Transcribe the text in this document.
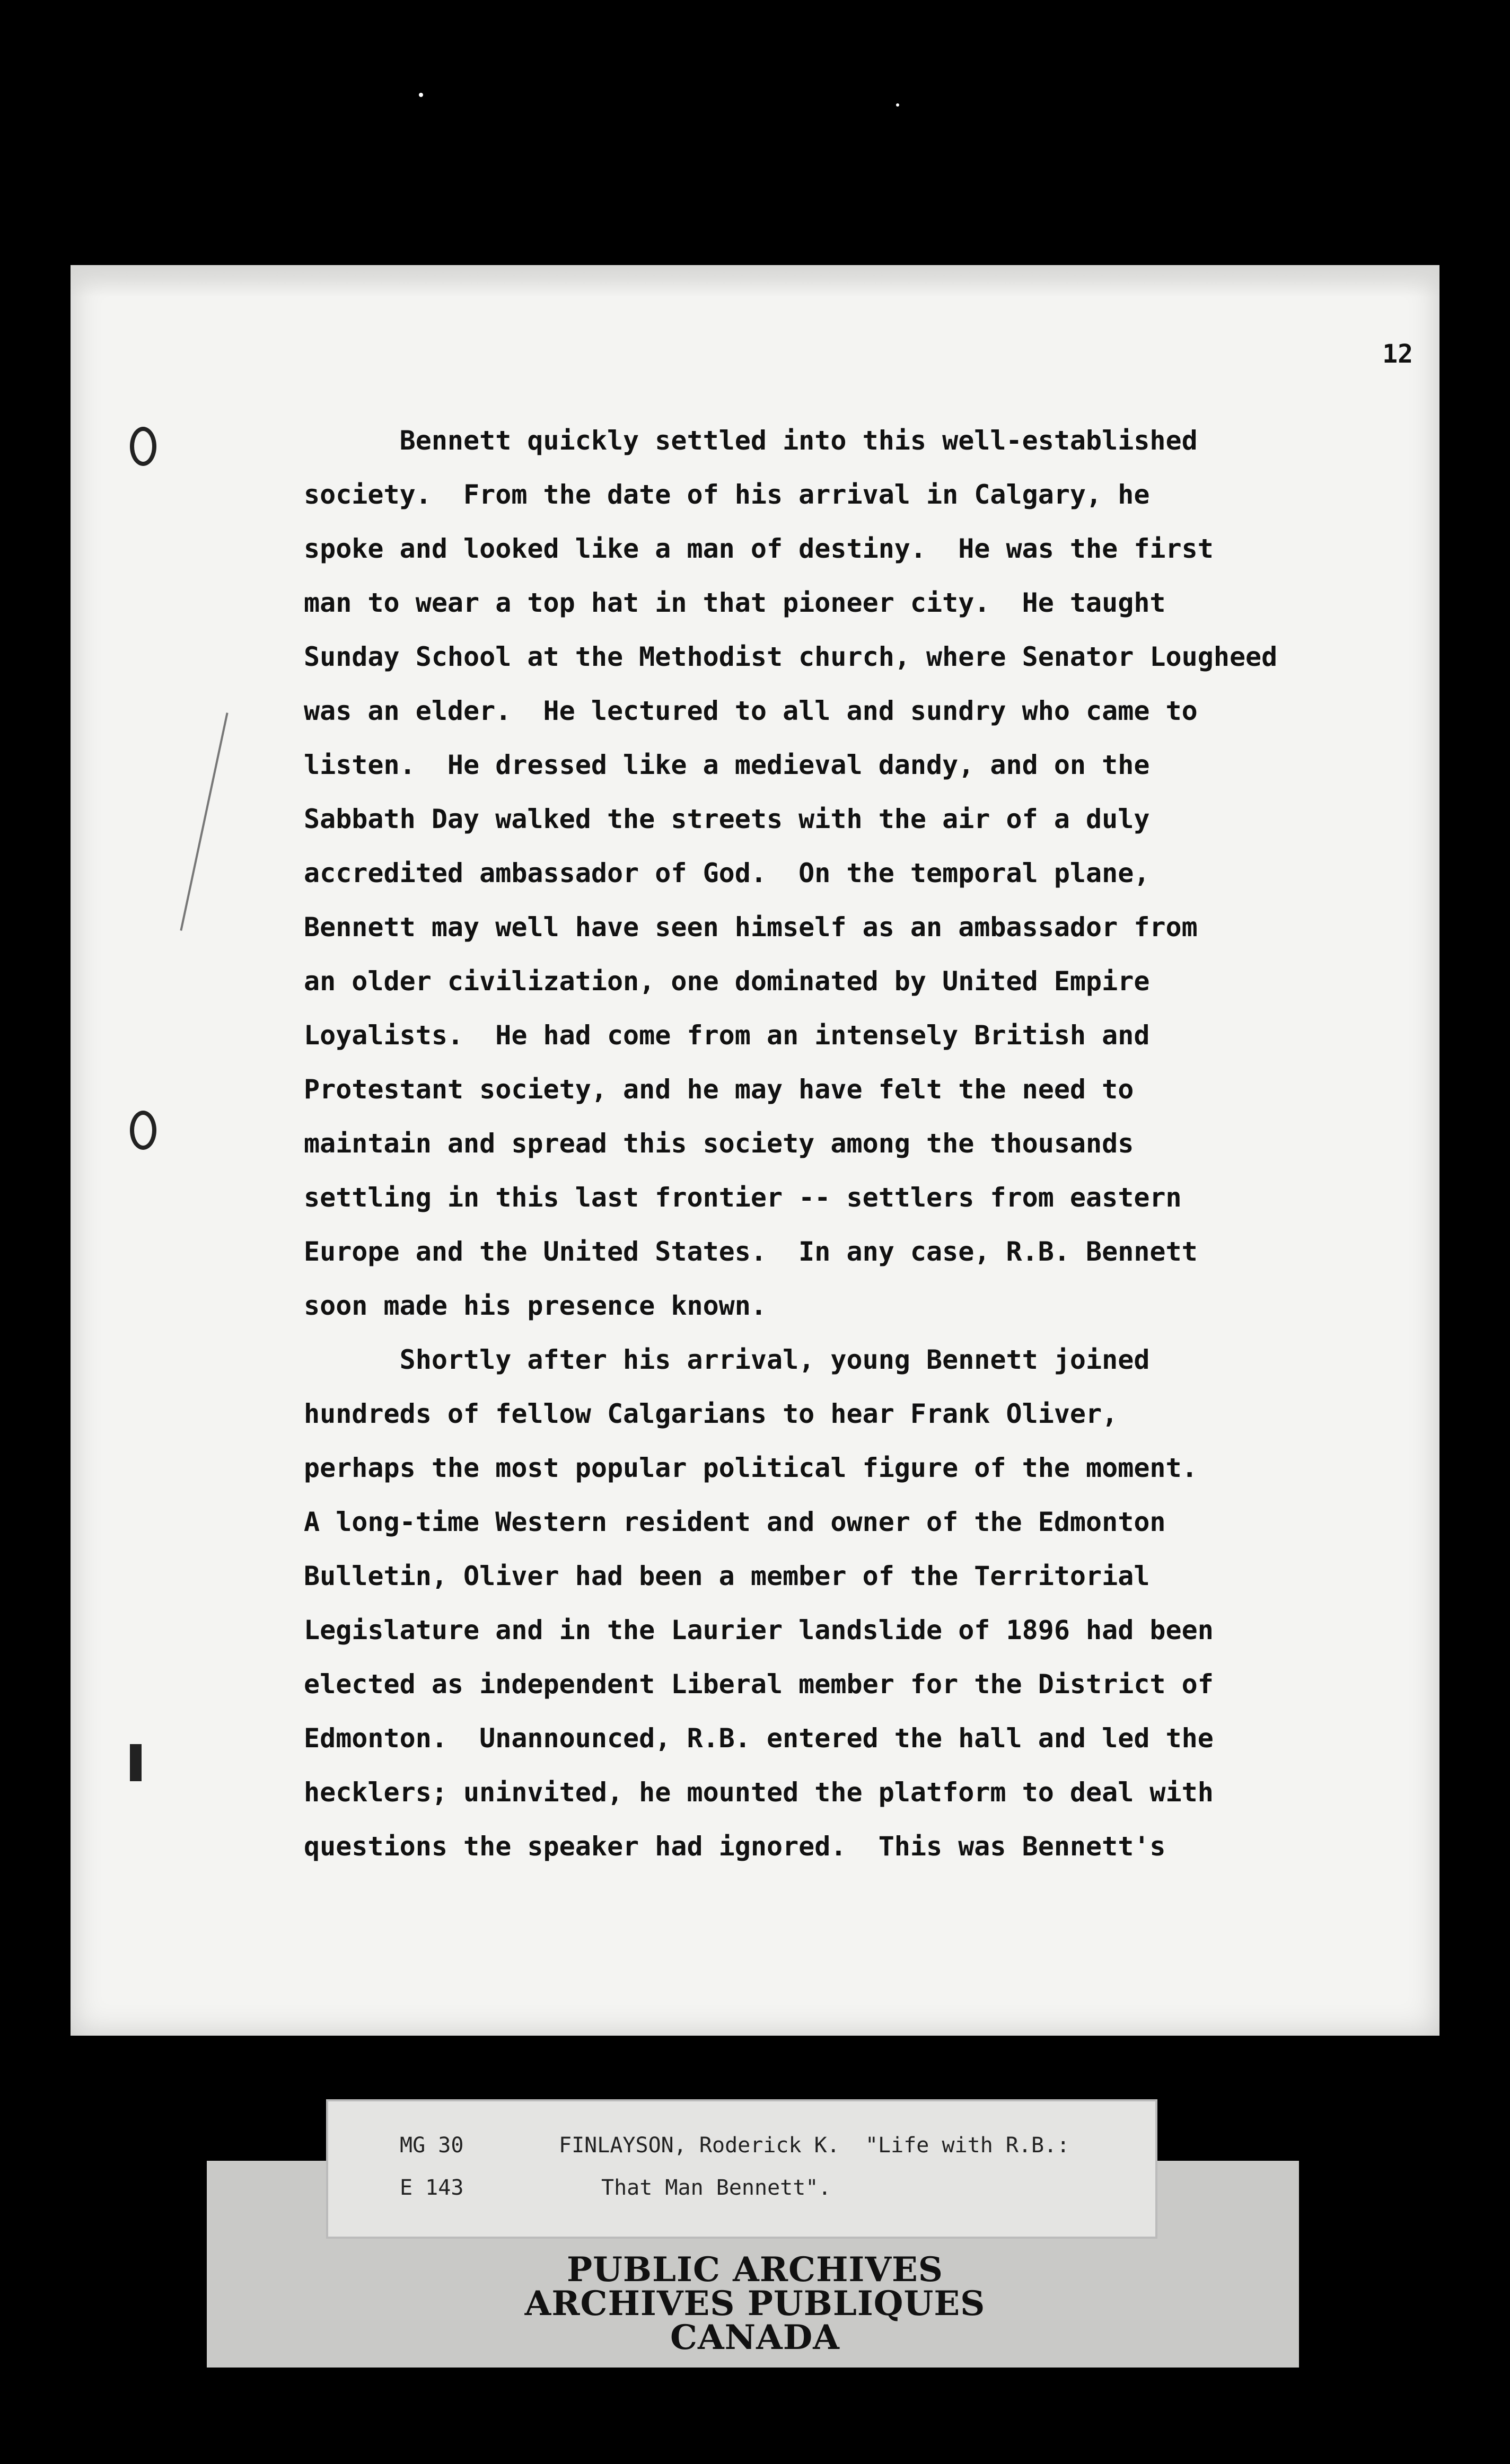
12
Bennett quickly settled into this well-established
society.  From the date of his arrival in Calgary, he
spoke and looked like a man of destiny.  He was the first
man to wear a top hat in that pioneer city.  He taught
Sunday School at the Methodist church, where Senator Lougheed
was an elder.  He lectured to all and sundry who came to
listen.  He dressed like a medieval dandy, and on the
Sabbath Day walked the streets with the air of a duly
accredited ambassador of God.  On the temporal plane,
Bennett may well have seen himself as an ambassador from
an older civilization, one dominated by United Empire
Loyalists.  He had come from an intensely British and
Protestant society, and he may have felt the need to
maintain and spread this society among the thousands
settling in this last frontier -- settlers from eastern
Europe and the United States.  In any case, R.B. Bennett
soon made his presence known.
Shortly after his arrival, young Bennett joined
hundreds of fellow Calgarians to hear Frank Oliver,
perhaps the most popular political figure of the moment.
A long-time Western resident and owner of the Edmonton
Bulletin, Oliver had been a member of the Territorial
Legislature and in the Laurier landslide of 1896 had been
elected as independent Liberal member for the District of
Edmonton.  Unannounced, R.B. entered the hall and led the
hecklers; uninvited, he mounted the platform to deal with
questions the speaker had ignored.  This was Bennett's
MG 30
E 143
FINLAYSON, Roderick K.  "Life with R.B.:
That Man Bennett".
PUBLIC ARCHIVES
ARCHIVES PUBLIQUES
CANADA
